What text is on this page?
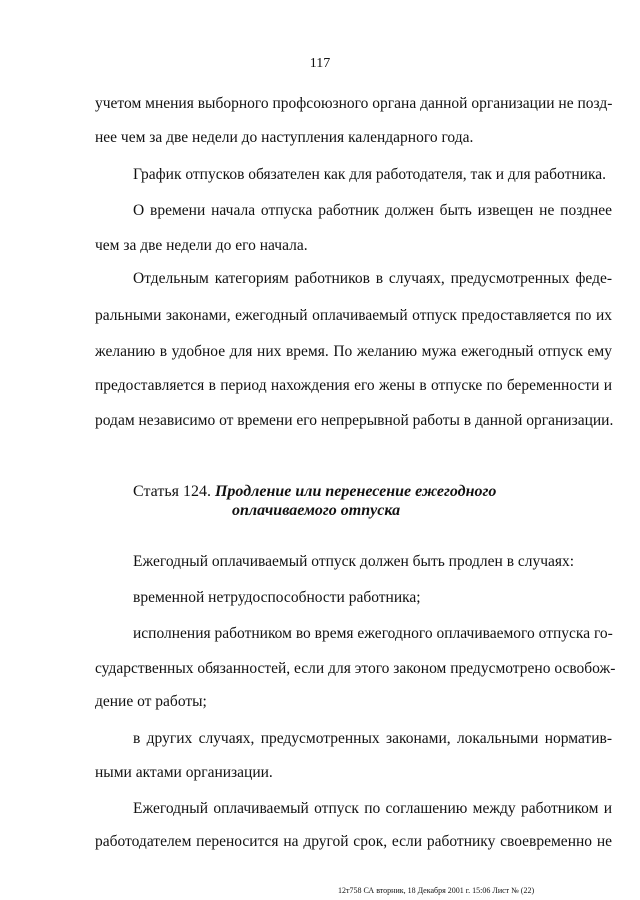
117
учетом мнения выборного профсоюзного органа данной организации не позд-
нее чем за две недели до наступления календарного года.
График отпусков обязателен как для работодателя, так и для работника.
О времени начала отпуска работник должен быть извещен не позднее
чем за две недели до его начала.
Отдельным категориям работников в случаях, предусмотренных феде-
ральными законами, ежегодный оплачиваемый отпуск предоставляется по их
желанию в удобное для них время. По желанию мужа ежегодный отпуск ему
предоставляется в период нахождения его жены в отпуске по беременности и
родам независимо от времени его непрерывной работы в данной организации.
Статья 124. Продление или перенесение ежегодного
оплачиваемого отпуска
Ежегодный оплачиваемый отпуск должен быть продлен в случаях:
временной нетрудоспособности работника;
исполнения работником во время ежегодного оплачиваемого отпуска го-
сударственных обязанностей, если для этого законом предусмотрено освобож-
дение от работы;
в других случаях, предусмотренных законами, локальными норматив-
ными актами организации.
Ежегодный оплачиваемый отпуск по соглашению между работником и
работодателем переносится на другой срок, если работнику своевременно не
12т758 СА вторник, 18 Декабря 2001 г. 15:06 Лист № (22)
